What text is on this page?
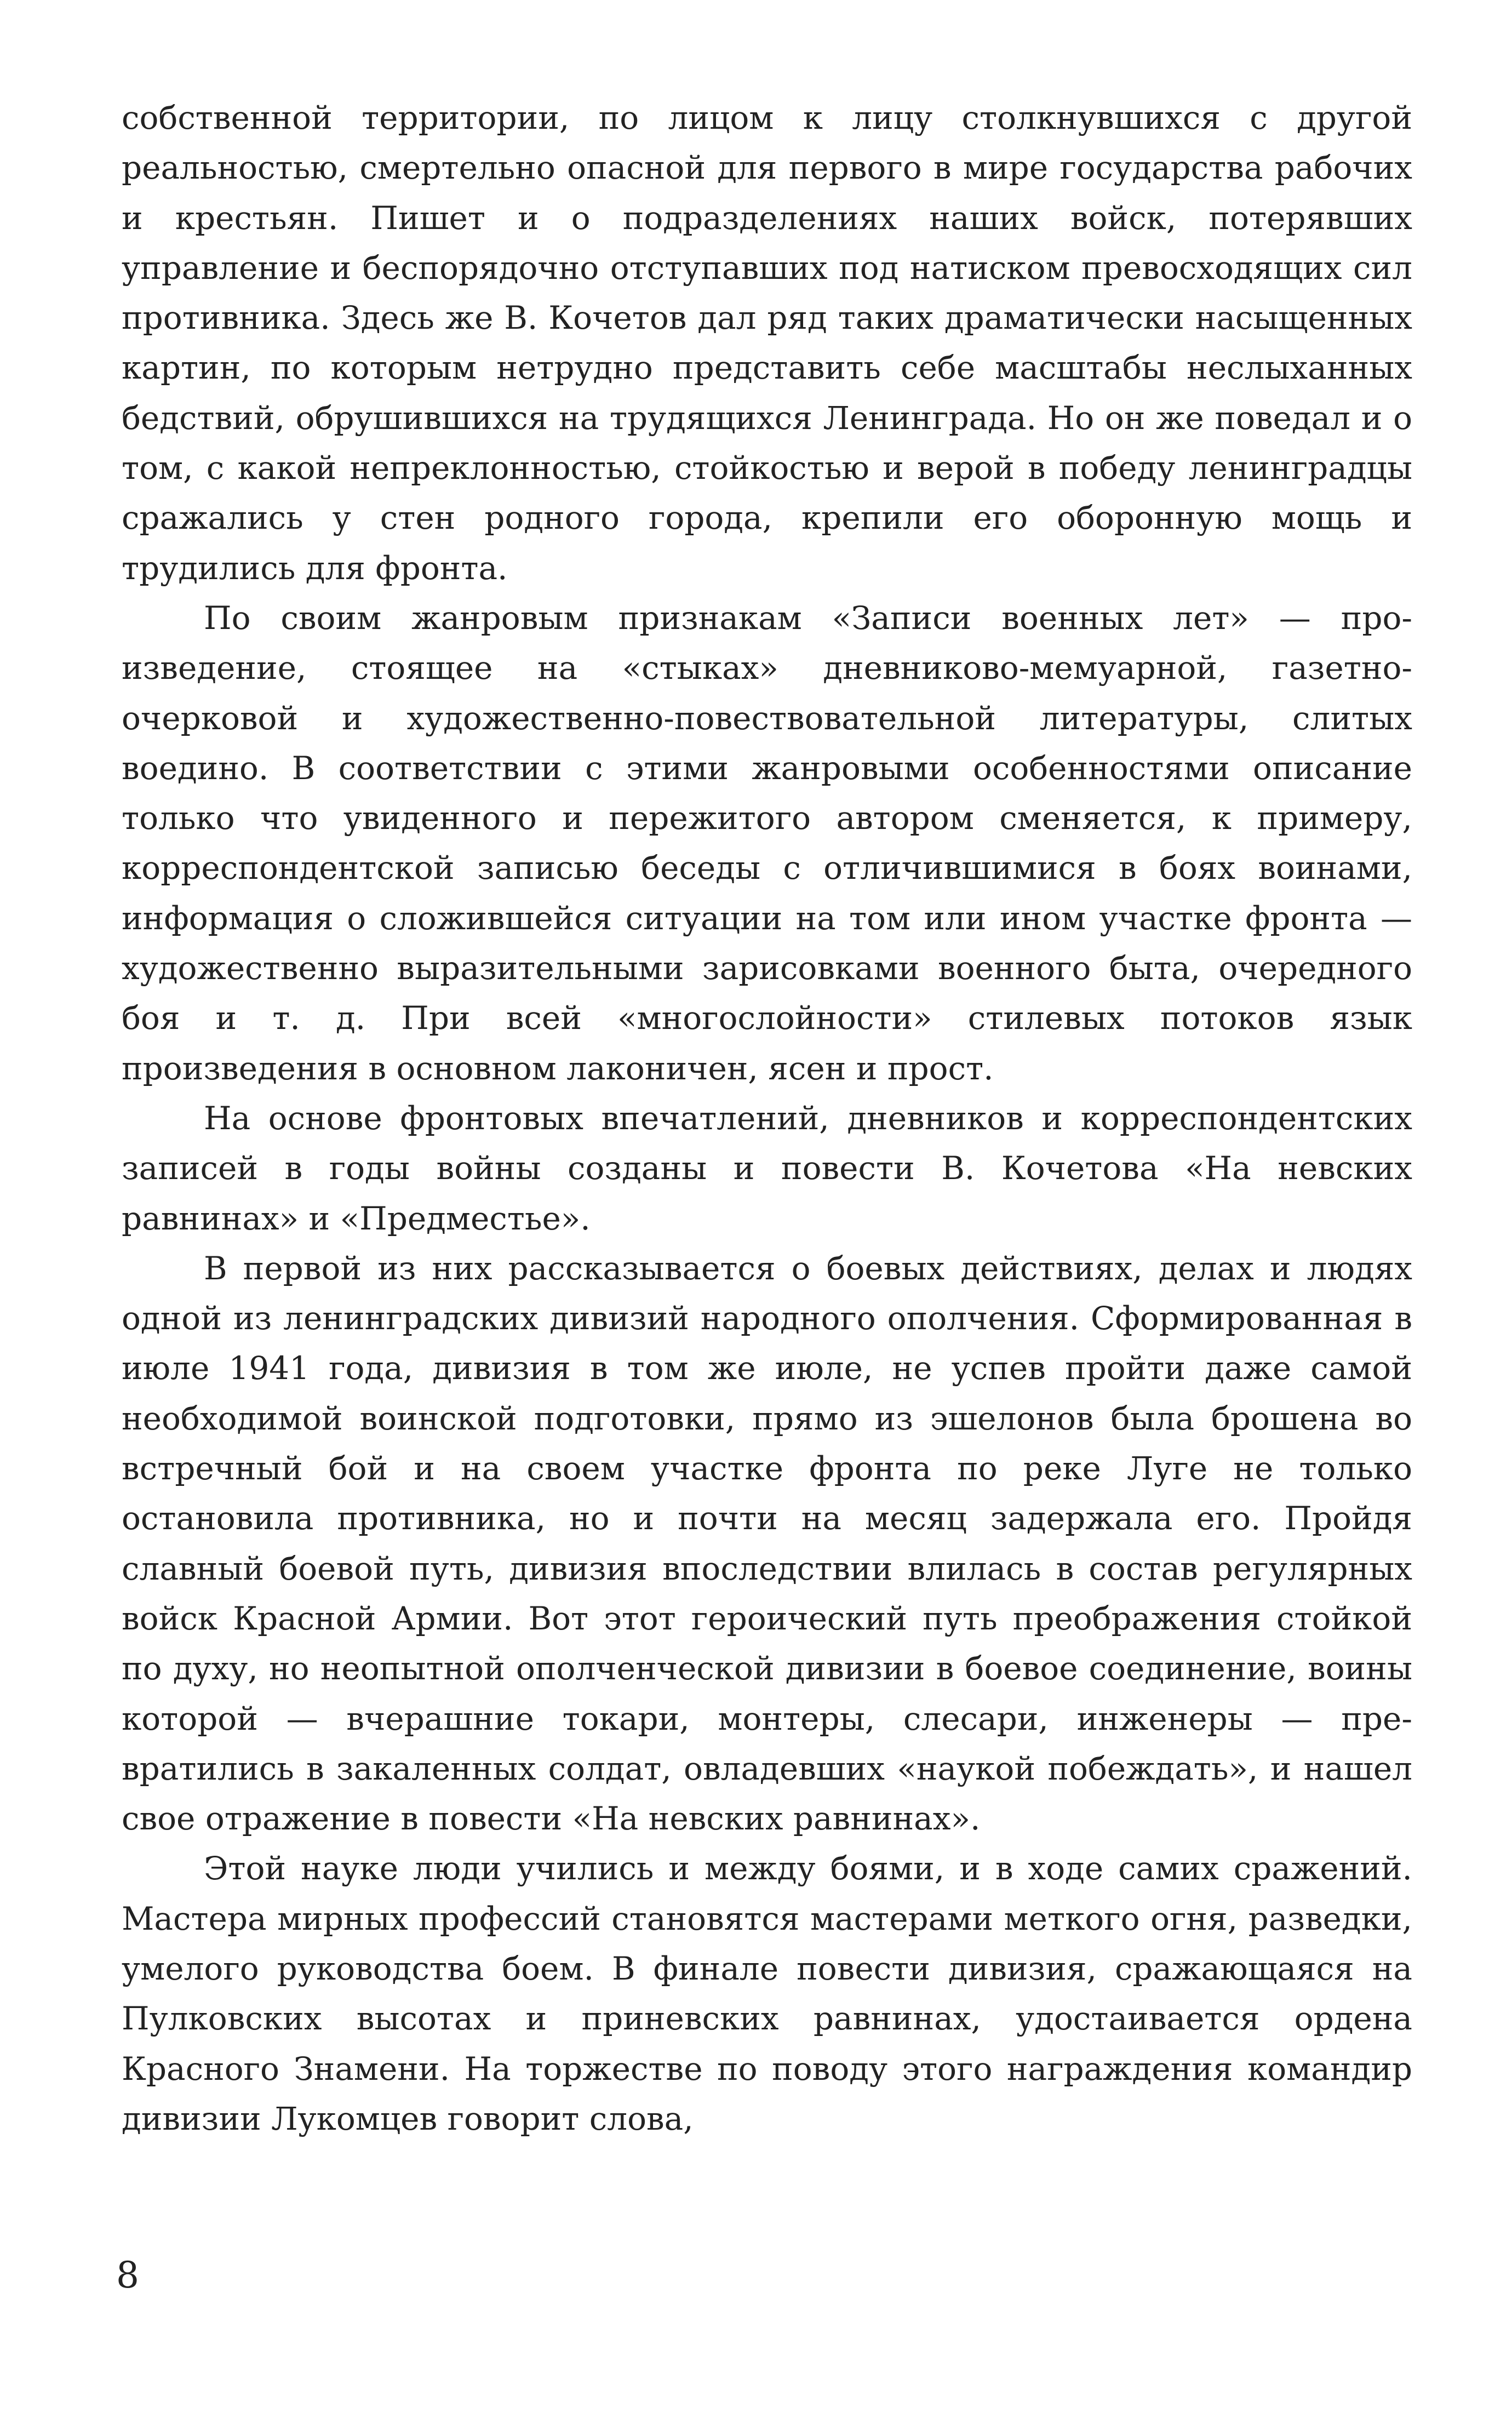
собственной территории, по лицом к лицу столкнувшихся с другой реальностью, смертельно опасной для первого в мире государства рабочих и крестьян. Пишет и о подразделениях наших войск, потерявших управление и беспорядочно отступавших под натиском превосходящих сил противника. Здесь же В. Кочетов дал ряд таких драматически насыщенных картин, по которым нетрудно представить себе масштабы неслыханных бедствий, обрушившихся на трудящихся Ленинграда. Но он же поведал и о том, с какой непреклонностью, стойкостью и верой в победу ленинградцы сражались у стен родного города, крепили его оборонную мощь и трудились для фронта.

По своим жанровым признакам «Записи военных лет» — произведение, стоящее на «стыках» дневниково-мемуарной, газетно-очерковой и художественно-повествовательной литературы, слитых воедино. В соответствии с этими жанровыми особенностями описание только что увиденного и пережитого автором сменяется, к примеру, корреспондентской записью беседы с отличившимися в боях воинами, информация о сложившейся ситуации на том или ином участке фронта — художественно выразительными зарисовками военного быта, очередного боя и т. д. При всей «многослойности» стилевых потоков язык произведения в основном лаконичен, ясен и прост.

На основе фронтовых впечатлений, дневников и корреспондентских записей в годы войны созданы и повести В. Кочетова «На невских равнинах» и «Предместье».

В первой из них рассказывается о боевых действиях, делах и людях одной из ленинградских дивизий народного ополчения. Сформированная в июле 1941 года, дивизия в том же июле, не успев пройти даже самой необходимой воинской подготовки, прямо из эшелонов была брошена во встречный бой и на своем участке фронта по реке Луге не только остановила противника, но и почти на месяц задержала его. Пройдя славный боевой путь, дивизия впоследствии влилась в состав регулярных войск Красной Армии. Вот этот героический путь преображения стойкой по духу, но неопытной ополченческой дивизии в боевое соединение, воины которой — вчерашние токари, монтеры, слесари, инженеры — превратились в закаленных солдат, овладевших «наукой побеждать», и нашел свое отражение в повести «На невских равнинах».

Этой науке люди учились и между боями, и в ходе самих сражений. Мастера мирных профессий становятся мастерами меткого огня, разведки, умелого руководства боем. В финале повести дивизия, сражающаяся на Пулковских высотах и приневских равнинах, удостаивается ордена Красного Знамени. На торжестве по поводу этого награждения командир дивизии Лукомцев говорит слова,

8
